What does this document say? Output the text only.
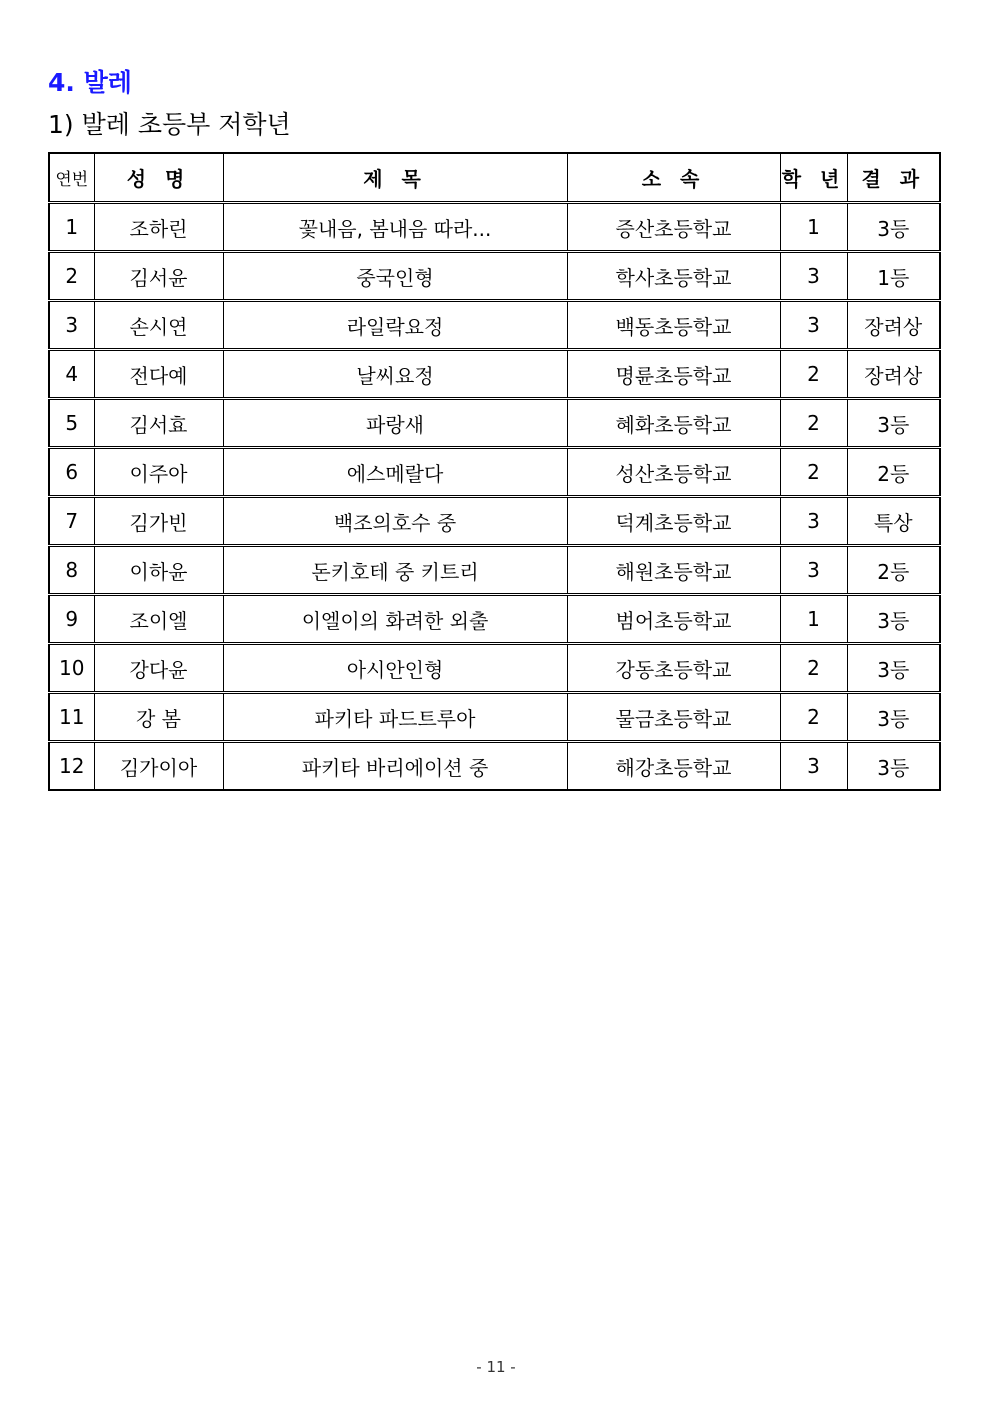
4. 발레
1) 발레 초등부 저학년
연번	성 명	제 목	소 속	학 년	결 과
1	조하린	꽃내음, 봄내음 따라...	증산초등학교	1	3등
2	김서윤	중국인형	학사초등학교	3	1등
3	손시연	라일락요정	백동초등학교	3	장려상
4	전다예	날씨요정	명륜초등학교	2	장려상
5	김서효	파랑새	혜화초등학교	2	3등
6	이주아	에스메랄다	성산초등학교	2	2등
7	김가빈	백조의호수 중	덕계초등학교	3	특상
8	이하윤	돈키호테 중 키트리	해원초등학교	3	2등
9	조이엘	이엘이의 화려한 외출	범어초등학교	1	3등
10	강다윤	아시안인형	강동초등학교	2	3등
11	강 봄	파키타 파드트루아	물금초등학교	2	3등
12	김가이아	파키타 바리에이션 중	해강초등학교	3	3등
- 11 -
